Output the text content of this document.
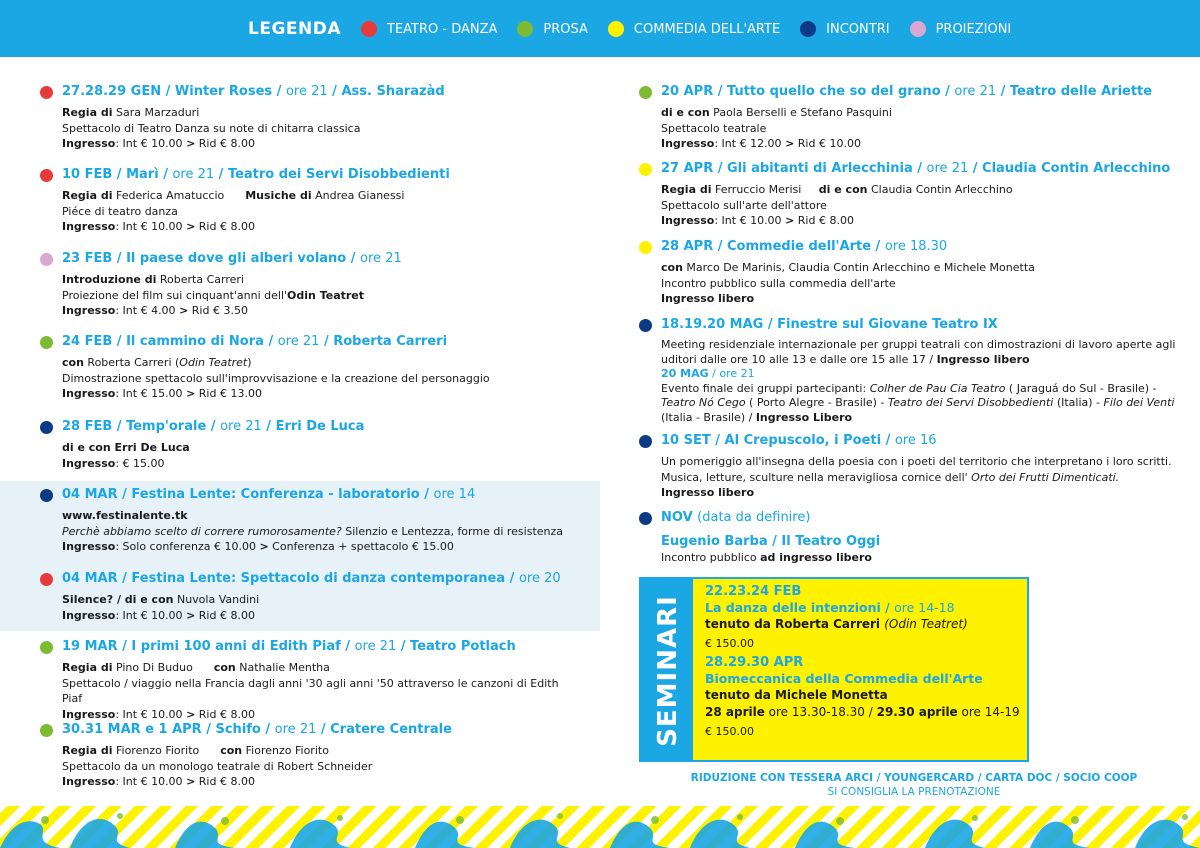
LEGENDA	TEATRO - DANZA	PROSA	COMMEDIA DELL'ARTE	INCONTRI	PROIEZIONI
27.28.29 GEN / Winter Roses / ore 21 / Ass. Sharazàd
Regia di Sara Marzaduri
Spettacolo di Teatro Danza su note di chitarra classica
Ingresso: Int € 10.00 > Rid € 8.00
10 FEB / Marì / ore 21 / Teatro dei Servi Disobbedienti
Regia di Federica Amatuccio Musiche di Andrea Gianessi
Piéce di teatro danza
Ingresso: Int € 10.00 > Rid € 8.00
23 FEB / Il paese dove gli alberi volano / ore 21
Introduzione di Roberta Carreri
Proiezione del film sui cinquant'anni dell'Odin Teatret
Ingresso: Int € 4.00 > Rid € 3.50
24 FEB / Il cammino di Nora / ore 21 / Roberta Carreri
con Roberta Carreri (Odin Teatret)
Dimostrazione spettacolo sull'improvvisazione e la creazione del personaggio
Ingresso: Int € 15.00 > Rid € 13.00
28 FEB / Temp'orale / ore 21 / Erri De Luca
di e con Erri De Luca
Ingresso: € 15.00
04 MAR / Festina Lente: Conferenza - laboratorio / ore 14
www.festinalente.tk
Perchè abbiamo scelto di correre rumorosamente? Silenzio e Lentezza, forme di resistenza
Ingresso: Solo conferenza € 10.00 > Conferenza + spettacolo € 15.00
04 MAR / Festina Lente: Spettacolo di danza contemporanea / ore 20
Silence? / di e con Nuvola Vandini
Ingresso: Int € 10.00 > Rid € 8.00
19 MAR / I primi 100 anni di Edith Piaf / ore 21 / Teatro Potlach
Regia di Pino Di Buduo con Nathalie Mentha
Spettacolo / viaggio nella Francia dagli anni '30 agli anni '50 attraverso le canzoni di Edith Piaf
Ingresso: Int € 10.00 > Rid € 8.00
30.31 MAR e 1 APR / Schifo / ore 21 / Cratere Centrale
Regia di Fiorenzo Fiorito con Fiorenzo Fiorito
Spettacolo da un monologo teatrale di Robert Schneider
Ingresso: Int € 10.00 > Rid € 8.00
20 APR / Tutto quello che so del grano / ore 21 / Teatro delle Ariette
di e con Paola Berselli e Stefano Pasquini
Spettacolo teatrale
Ingresso: Int € 12.00 > Rid € 10.00
27 APR / Gli abitanti di Arlecchinia / ore 21 / Claudia Contin Arlecchino
Regia di Ferruccio Merisi di e con Claudia Contin Arlecchino
Spettacolo sull'arte dell'attore
Ingresso: Int € 10.00 > Rid € 8.00
28 APR / Commedie dell'Arte / ore 18.30
con Marco De Marinis, Claudia Contin Arlecchino e Michele Monetta
Incontro pubblico sulla commedia dell'arte
Ingresso libero
18.19.20 MAG / Finestre sul Giovane Teatro IX
Meeting residenziale internazionale per gruppi teatrali con dimostrazioni di lavoro aperte agli uditori dalle ore 10 alle 13 e dalle ore 15 alle 17 / Ingresso libero
20 MAG / ore 21
Evento finale dei gruppi partecipanti: Colher de Pau Cia Teatro ( Jaraguá do Sul - Brasile) - Teatro Nó Cego ( Porto Alegre - Brasile) - Teatro dei Servi Disobbedienti (Italia) - Filo dei Venti (Italia - Brasile) / Ingresso Libero
10 SET / Al Crepuscolo, i Poeti / ore 16
Un pomeriggio all'insegna della poesia con i poeti del territorio che interpretano i loro scritti. Musica, letture, sculture nella meravigliosa cornice dell' Orto dei Frutti Dimenticati.
Ingresso libero
NOV (data da definire)
Eugenio Barba / Il Teatro Oggi
Incontro pubblico ad ingresso libero
SEMINARI
22.23.24 FEB
La danza delle intenzioni / ore 14-18
tenuto da Roberta Carreri (Odin Teatret)
€ 150.00
28.29.30 APR
Biomeccanica della Commedia dell'Arte
tenuto da Michele Monetta
28 aprile ore 13.30-18.30 / 29.30 aprile ore 14-19
€ 150.00
RIDUZIONE CON TESSERA ARCI / YOUNGERCARD / CARTA DOC / SOCIO COOP
SI CONSIGLIA LA PRENOTAZIONE
